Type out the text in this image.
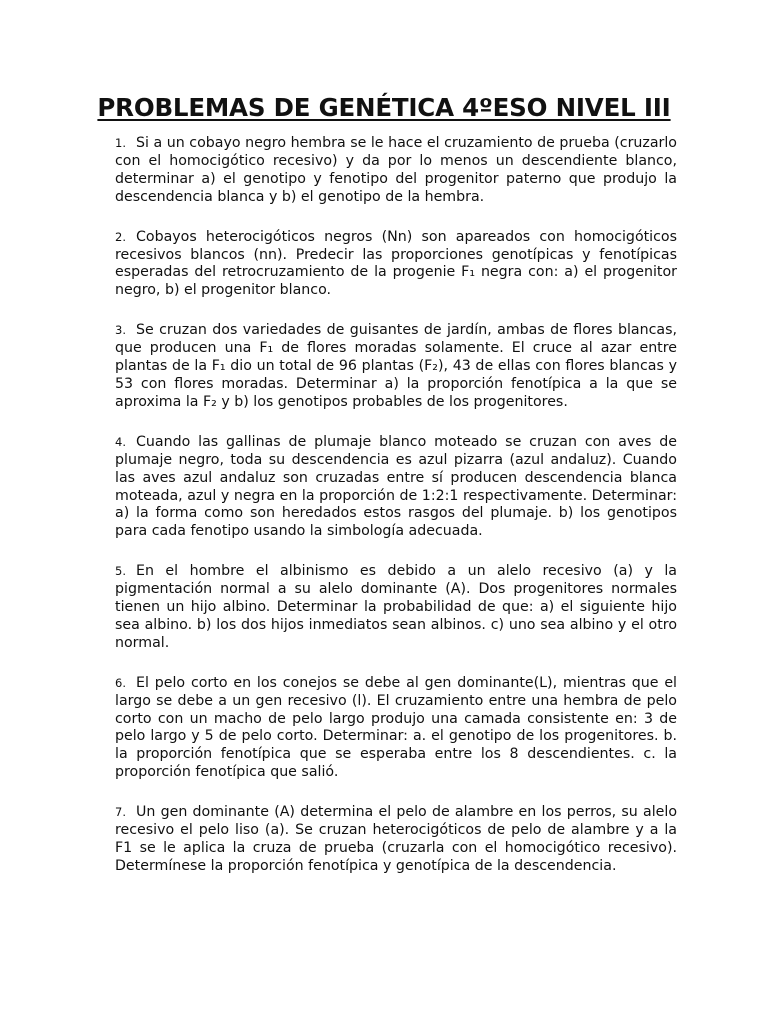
PROBLEMAS DE GENÉTICA 4ºESO NIVEL III

1. Si a un cobayo negro hembra se le hace el cruzamiento de prueba (cruzarlo con el homocigótico recesivo) y da por lo menos un descendiente blanco, determinar a) el genotipo y fenotipo del progenitor paterno que produjo la descendencia blanca y b) el genotipo de la hembra.

2. Cobayos heterocigóticos negros (Nn) son apareados con homocigóticos recesivos blancos (nn). Predecir las proporciones genotípicas y fenotípicas esperadas del retrocruzamiento de la progenie F₁ negra con: a) el progenitor negro, b) el progenitor blanco.

3. Se cruzan dos variedades de guisantes de jardín, ambas de flores blancas, que producen una F₁ de flores moradas solamente. El cruce al azar entre plantas de la F₁ dio un total de 96 plantas (F₂), 43 de ellas con flores blancas y 53 con flores moradas. Determinar a) la proporción fenotípica a la que se aproxima la F₂ y b) los genotipos probables de los progenitores.

4. Cuando las gallinas de plumaje blanco moteado se cruzan con aves de plumaje negro, toda su descendencia es azul pizarra (azul andaluz). Cuando las aves azul andaluz son cruzadas entre sí producen descendencia blanca moteada, azul y negra en la proporción de 1:2:1 respectivamente. Determinar: a) la forma como son heredados estos rasgos del plumaje. b) los genotipos para cada fenotipo usando la simbología adecuada.

5. En el hombre el albinismo es debido a un alelo recesivo (a) y la pigmentación normal a su alelo dominante (A). Dos progenitores normales tienen un hijo albino. Determinar la probabilidad de que: a) el siguiente hijo sea albino. b) los dos hijos inmediatos sean albinos. c) uno sea albino y el otro normal.

6. El pelo corto en los conejos se debe al gen dominante(L), mientras que el largo se debe a un gen recesivo (l). El cruzamiento entre una hembra de pelo corto con un macho de pelo largo produjo una camada consistente en: 3 de pelo largo y 5 de pelo corto. Determinar: a. el genotipo de los progenitores. b. la proporción fenotípica que se esperaba entre los 8 descendientes. c. la proporción fenotípica que salió.

7. Un gen dominante (A) determina el pelo de alambre en los perros, su alelo recesivo el pelo liso (a). Se cruzan heterocigóticos de pelo de alambre y a la F1 se le aplica la cruza de prueba (cruzarla con el homocigótico recesivo). Determínese la proporción fenotípica y genotípica de la descendencia.
